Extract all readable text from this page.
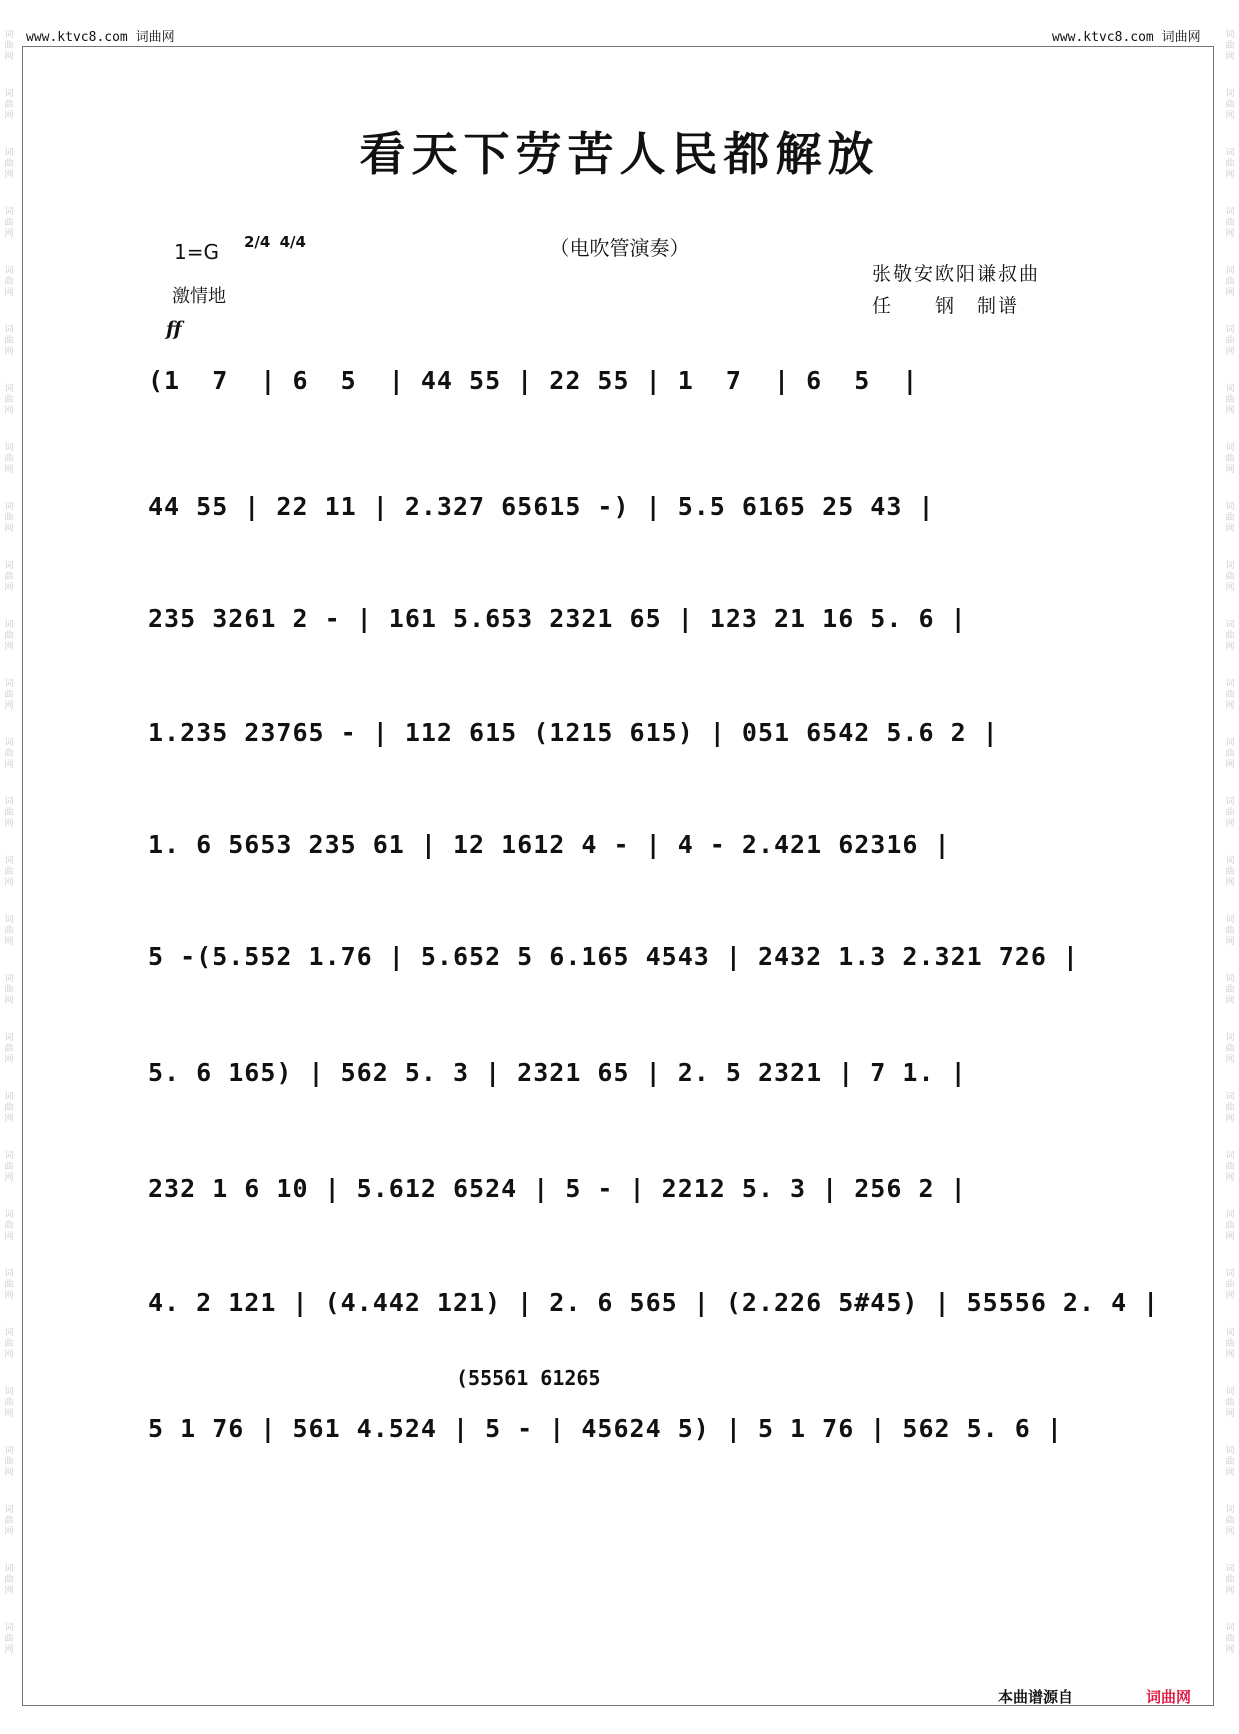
词曲网
词曲网
词曲网
词曲网
词曲网
词曲网
词曲网
词曲网
词曲网
词曲网
词曲网
词曲网
词曲网
词曲网
词曲网
词曲网
词曲网
词曲网
词曲网
词曲网
词曲网
词曲网
词曲网
词曲网
词曲网
词曲网
词曲网
词曲网
词曲网
词曲网
词曲网
词曲网
词曲网
词曲网
词曲网
词曲网
词曲网
词曲网
词曲网
词曲网
词曲网
词曲网
词曲网
词曲网
词曲网
词曲网
词曲网
词曲网
词曲网
词曲网
词曲网
词曲网
词曲网
词曲网
词曲网
词曲网
www.ktvc8.com 词曲网	www.ktvc8.com 词曲网
看天下劳苦人民都解放
（电吹管演奏）
1=G 2/4 4/4
激情地
ff
张敬安欧阳谦叔曲
任　　钢　制谱
(1  7  | 6  5  | 44 55 | 22 55 | 1  7  | 6  5  |
44 55 | 22 11 | 2.327 65615 -) | 5.5 6165 25 43 |
235 3261 2 - | 161 5.653 2321 65 | 123 21 16 5. 6 |
1.235 23765 - | 112 615 (1215 615) | 051 6542 5.6 2 |
1. 6 5653 235 61 | 12 1612 4 - | 4 - 2.421 62316 |
5 -(5.552 1.76 | 5.652 5 6.165 4543 | 2432 1.3 2.321 726 |
5. 6 165) | 562 5. 3 | 2321 65 | 2. 5 2321 | 7 1. |
232 1 6 10 | 5.612 6524 | 5 - | 2212 5. 3 | 256 2 |
4. 2 121 | (4.442 121) | 2. 6 565 | (2.226 5#45) | 55556 2. 4 |
5 1 76 | 561 4.524 | 5 - | 45624 5) | 5 1 76 | 562 5. 6 |
(55561 61265
本曲谱源自	词曲网
